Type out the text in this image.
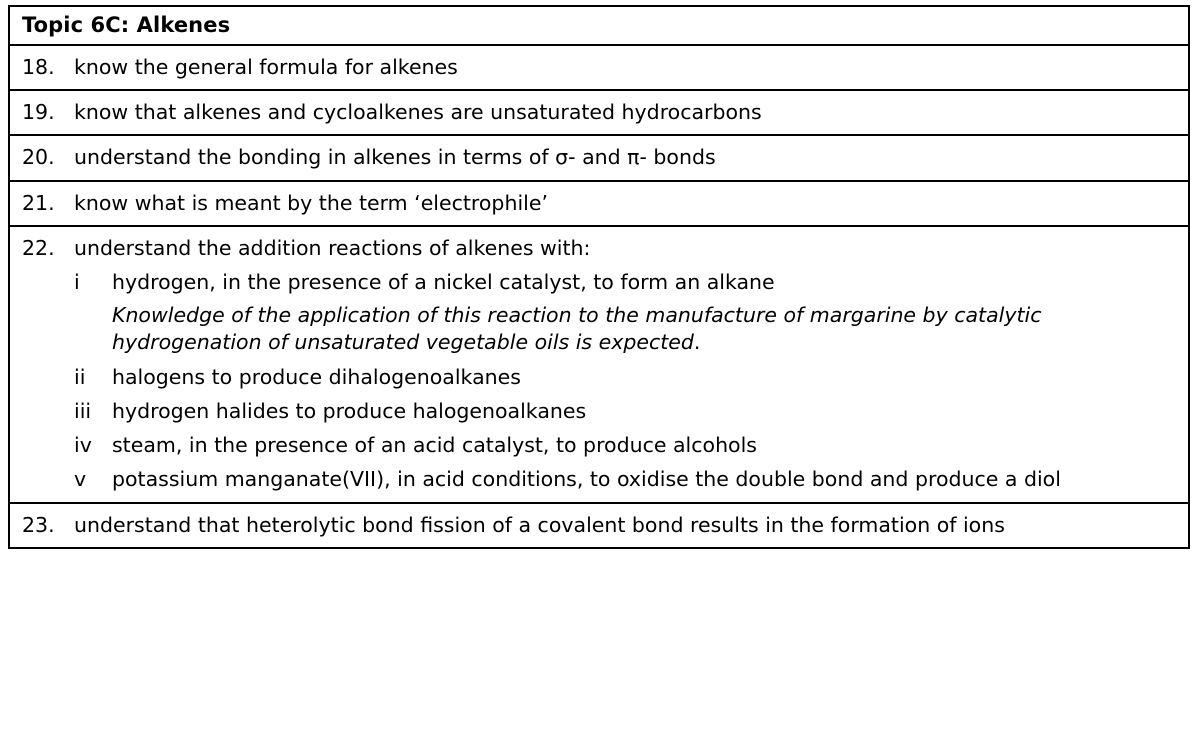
Topic 6C: Alkenes
18. know the general formula for alkenes
19. know that alkenes and cycloalkenes are unsaturated hydrocarbons
20. understand the bonding in alkenes in terms of σ- and π- bonds
21. know what is meant by the term ‘electrophile’
22. understand the addition reactions of alkenes with:
i	hydrogen, in the presence of a nickel catalyst, to form an alkane
Knowledge of the application of this reaction to the manufacture of margarine by catalytic hydrogenation of unsaturated vegetable oils is expected.
ii	halogens to produce dihalogenoalkanes
iii	hydrogen halides to produce halogenoalkanes
iv steam, in the presence of an acid catalyst, to produce alcohols
v	potassium manganate(VII), in acid conditions, to oxidise the double bond and produce a diol
23. understand that heterolytic bond fission of a covalent bond results in the formation of ions
